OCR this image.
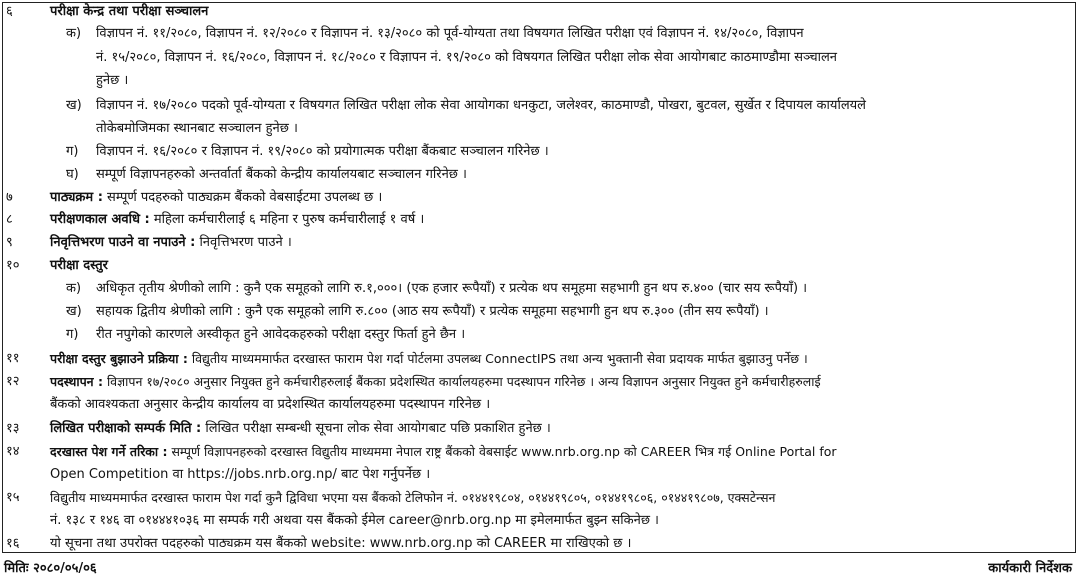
६	परीक्षा केन्द्र तथा परीक्षा सञ्चालन
क)	विज्ञापन नं. ११/२०८०, विज्ञापन नं. १२/२०८० र विज्ञापन नं. १३/२०८० को पूर्व-योग्यता तथा विषयगत लिखित परीक्षा एवं विज्ञापन नं. १४/२०८०, विज्ञापन
नं. १५/२०८०, विज्ञापन नं. १६/२०८०, विज्ञापन नं. १८/२०८० र विज्ञापन नं. १९/२०८० को विषयगत लिखित परीक्षा लोक सेवा आयोगबाट काठमाण्डौमा सञ्चालन
हुनेछ ।
ख)	विज्ञापन नं. १७/२०८० पदको पूर्व-योग्यता र विषयगत लिखित परीक्षा लोक सेवा आयोगका धनकुटा, जलेश्वर, काठमाण्डौ, पोखरा, बुटवल, सुर्खेत र दिपायल कार्यालयले
तोकेबमोजिमका स्थानबाट सञ्चालन हुनेछ ।
ग)	विज्ञापन नं. १६/२०८० र विज्ञापन नं. १९/२०८० को प्रयोगात्मक परीक्षा बैंकबाट सञ्चालन गरिनेछ ।
घ)	सम्पूर्ण विज्ञापनहरुको अन्तर्वार्ता बैंकको केन्द्रीय कार्यालयबाट सञ्चालन गरिनेछ ।
७	पाठ्यक्रम : सम्पूर्ण पदहरुको पाठ्यक्रम बैंकको वेबसाईटमा उपलब्ध छ ।
८	परीक्षणकाल अवधि : महिला कर्मचारीलाई ६ महिना र पुरुष कर्मचारीलाई १ वर्ष ।
९	निवृत्तिभरण पाउने वा नपाउने : निवृत्तिभरण पाउने ।
१०	परीक्षा दस्तुर
क)	अधिकृत तृतीय श्रेणीको लागि : कुनै एक समूहको लागि रु.१,०००। (एक हजार रूपैयाँ) र प्रत्येक थप समूहमा सहभागी हुन थप रु.४०० (चार सय रूपैयाँ) ।
ख)	सहायक द्वितीय श्रेणीको लागि : कुनै एक समूहको लागि रु.८०० (आठ सय रूपैयाँ) र प्रत्येक समूहमा सहभागी हुन थप रु.३०० (तीन सय रूपैयाँ) ।
ग)	रीत नपुगेको कारणले अस्वीकृत हुने आवेदकहरुको परीक्षा दस्तुर फिर्ता हुने छैन ।
११	परीक्षा दस्तुर बुझाउने प्रक्रिया : विद्युतीय माध्यममार्फत दरखास्त फाराम पेश गर्दा पोर्टलमा उपलब्ध ConnectIPS तथा अन्य भुक्तानी सेवा प्रदायक मार्फत बुझाउनु पर्नेछ ।
१२	पदस्थापन : विज्ञापन १७/२०८० अनुसार नियुक्त हुने कर्मचारीहरुलाई बैंकका प्रदेशस्थित कार्यालयहरुमा पदस्थापन गरिनेछ । अन्य विज्ञापन अनुसार नियुक्त हुने कर्मचारीहरुलाई
बैंकको आवश्यकता अनुसार केन्द्रीय कार्यालय वा प्रदेशस्थित कार्यालयहरुमा पदस्थापन गरिनेछ ।
१३	लिखित परीक्षाको सम्पर्क मिति : लिखित परीक्षा सम्बन्धी सूचना लोक सेवा आयोगबाट पछि प्रकाशित हुनेछ ।
१४	दरखास्त पेश गर्ने तरिका : सम्पूर्ण विज्ञापनहरुको दरखास्त विद्युतीय माध्यममा नेपाल राष्ट्र बैंकको वेबसाईट www.nrb.org.np को CAREER भित्र गई Online Portal for
Open Competition वा https://jobs.nrb.org.np/ बाट पेश गर्नुपर्नेछ ।
१५	विद्युतीय माध्यममार्फत दरखास्त फाराम पेश गर्दा कुनै द्विविधा भएमा यस बैंकको टेलिफोन नं. ०१४४१९८०४, ०१४४१९८०५, ०१४४१९८०६, ०१४४१९८०७, एक्सटेन्सन
नं. १३८ र १४६ वा ०१४४४१०३६ मा सम्पर्क गरी अथवा यस बैंकको ईमेल career@nrb.org.np मा इमेलमार्फत बुझ्न सकिनेछ ।
१६	यो सूचना तथा उपरोक्त पदहरुको पाठ्यक्रम यस बैंकको website: www.nrb.org.np को CAREER मा राखिएको छ ।
मितिः २०८०/०५/०६	कार्यकारी निर्देशक
